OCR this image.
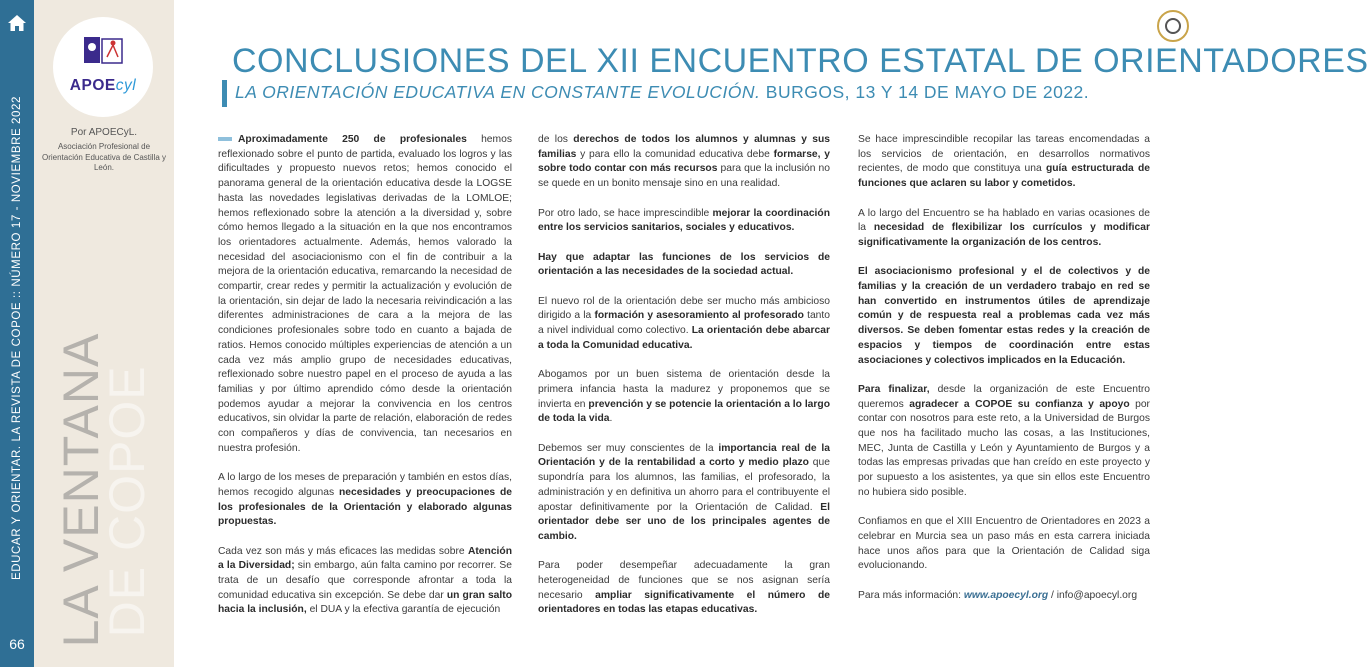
EDUCAR Y ORIENTAR. LA REVISTA DE COPOE :: NÚMERO 17 - NOVIEMBRE 2022
66
APOEcyl
Por APOECyL.
Asociación Profesional de Orientación Educativa de Castilla y León.
LA VENTANA
DE COPOE
CONCLUSIONES DEL XII ENCUENTRO ESTATAL DE ORIENTADORES
LA ORIENTACIÓN EDUCATIVA EN CONSTANTE EVOLUCIÓN. BURGOS, 13 Y 14 DE MAYO DE 2022.

Aproximadamente 250 de profesionales hemos reflexionado sobre el punto de partida, evaluado los logros y las dificultades y propuesto nuevos retos; hemos conocido el panorama general de la orientación educativa desde la LOGSE hasta las novedades legislativas derivadas de la LOMLOE; hemos reflexionado sobre la atención a la diversidad y, sobre cómo hemos llegado a la situación en la que nos encontramos los orientadores actualmente. Además, hemos valorado la necesidad del asociacionismo con el fin de contribuir a la mejora de la orientación educativa, remarcando la necesidad de compartir, crear redes y permitir la actualización y evolución de la orientación, sin dejar de lado la necesaria reivindicación a las diferentes administraciones de cara a la mejora de las condiciones profesionales sobre todo en cuanto a bajada de ratios. Hemos conocido múltiples experiencias de atención a un cada vez más amplio grupo de necesidades educativas, reflexionado sobre nuestro papel en el proceso de ayuda a las familias y por último aprendido cómo desde la orientación podemos ayudar a mejorar la convivencia en los centros educativos, sin olvidar la parte de relación, elaboración de redes con compañeros y días de convivencia, tan necesarios en nuestra profesión.

A lo largo de los meses de preparación y también en estos días, hemos recogido algunas necesidades y preocupaciones de los profesionales de la Orientación y elaborado algunas propuestas.

Cada vez son más y más eficaces las medidas sobre Atención a la Diversidad; sin embargo, aún falta camino por recorrer. Se trata de un desafío que corresponde afrontar a toda la comunidad educativa sin excepción. Se debe dar un gran salto hacia la inclusión, el DUA y la efectiva garantía de ejecución

de los derechos de todos los alumnos y alumnas y sus familias y para ello la comunidad educativa debe formarse, y sobre todo contar con más recursos para que la inclusión no se quede en un bonito mensaje sino en una realidad.

Por otro lado, se hace imprescindible mejorar la coordinación entre los servicios sanitarios, sociales y educativos.

Hay que adaptar las funciones de los servicios de orientación a las necesidades de la sociedad actual.

El nuevo rol de la orientación debe ser mucho más ambicioso dirigido a la formación y asesoramiento al profesorado tanto a nivel individual como colectivo. La orientación debe abarcar a toda la Comunidad educativa.

Abogamos por un buen sistema de orientación desde la primera infancia hasta la madurez y proponemos que se invierta en prevención y se potencie la orientación a lo largo de toda la vida.

Debemos ser muy conscientes de la importancia real de la Orientación y de la rentabilidad a corto y medio plazo que supondría para los alumnos, las familias, el profesorado, la administración y en definitiva un ahorro para el contribuyente el apostar definitivamente por la Orientación de Calidad. El orientador debe ser uno de los principales agentes de cambio.

Para poder desempeñar adecuadamente la gran heterogeneidad de funciones que se nos asignan sería necesario ampliar significativamente el número de orientadores en todas las etapas educativas.

Se hace imprescindible recopilar las tareas encomendadas a los servicios de orientación, en desarrollos normativos recientes, de modo que constituya una guía estructurada de funciones que aclaren su labor y cometidos.

A lo largo del Encuentro se ha hablado en varias ocasiones de la necesidad de flexibilizar los currículos y modificar significativamente la organización de los centros.

El asociacionismo profesional y el de colectivos y de familias y la creación de un verdadero trabajo en red se han convertido en instrumentos útiles de aprendizaje común y de respuesta real a problemas cada vez más diversos. Se deben fomentar estas redes y la creación de espacios y tiempos de coordinación entre estas asociaciones y colectivos implicados en la Educación.

Para finalizar, desde la organización de este Encuentro queremos agradecer a COPOE su confianza y apoyo por contar con nosotros para este reto, a la Universidad de Burgos que nos ha facilitado mucho las cosas, a las Instituciones, MEC, Junta de Castilla y León y Ayuntamiento de Burgos y a todas las empresas privadas que han creído en este proyecto y por supuesto a los asistentes, ya que sin ellos este Encuentro no hubiera sido posible.

Confiamos en que el XIII Encuentro de Orientadores en 2023 a celebrar en Murcia sea un paso más en esta carrera iniciada hace unos años para que la Orientación de Calidad siga evolucionando.

Para más información: www.apoecyl.org / info@apoecyl.org
